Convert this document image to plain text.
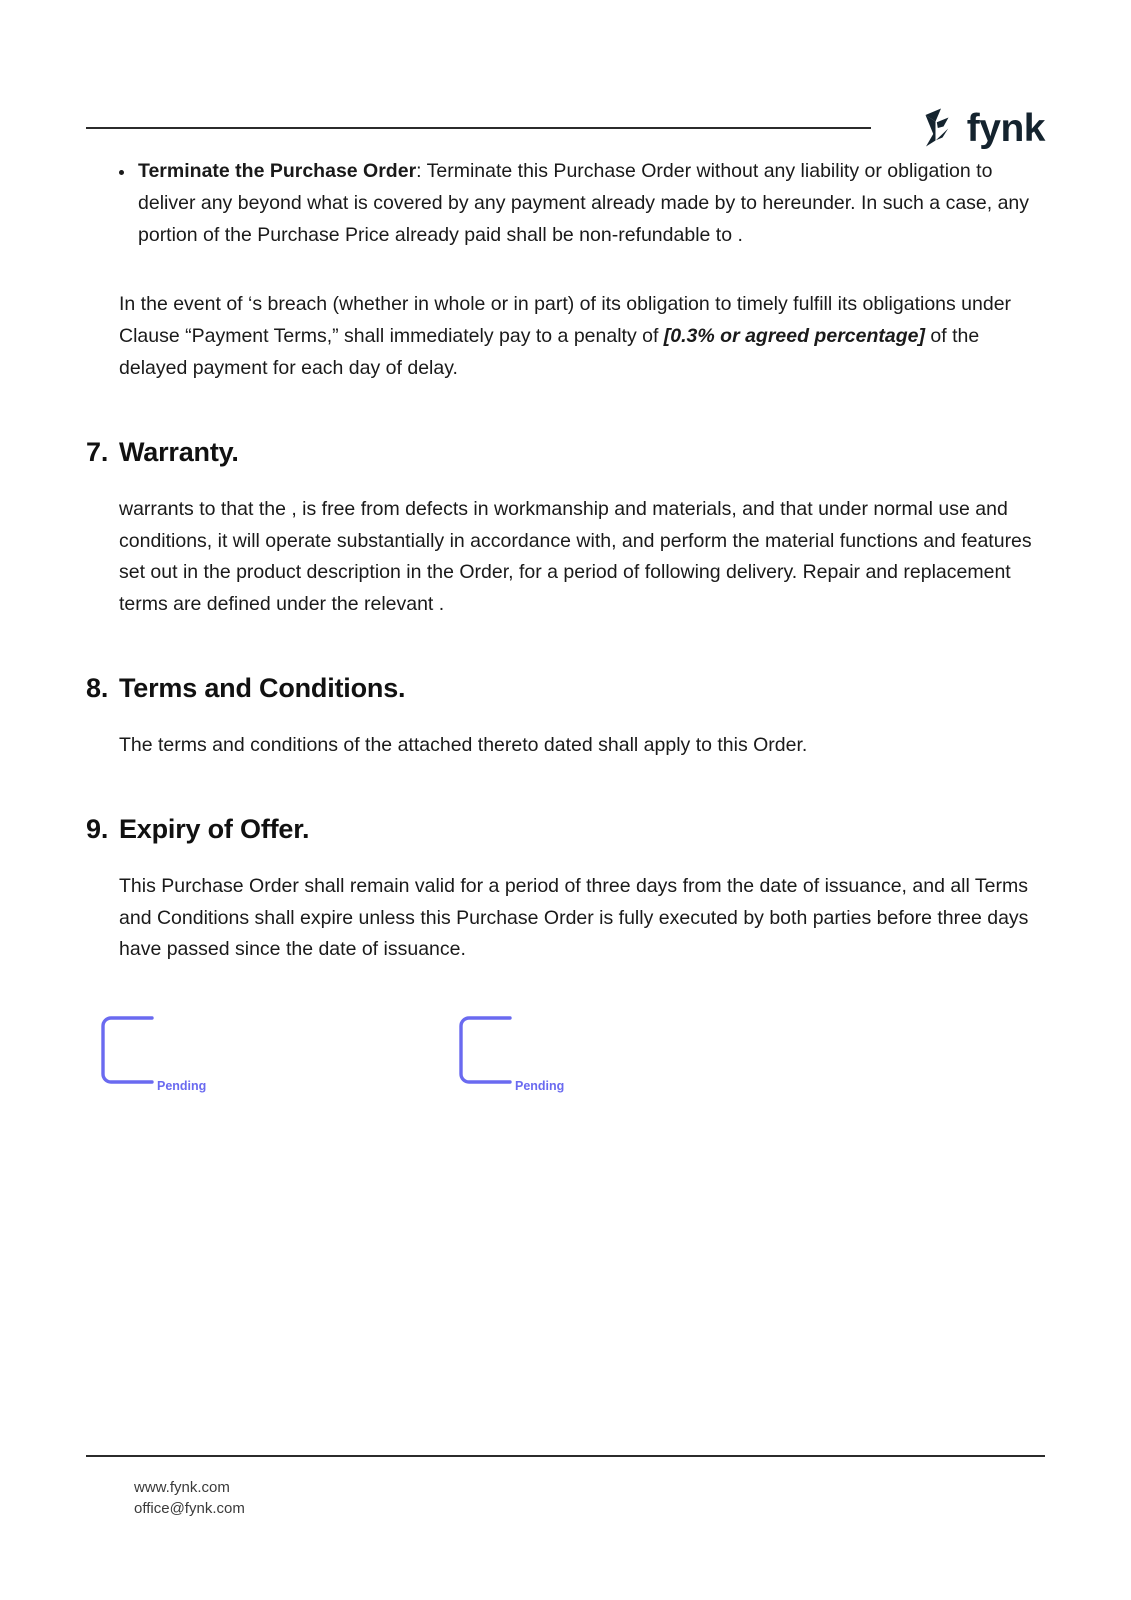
fynk
Terminate the Purchase Order: Terminate this Purchase Order without any liability or obligation to deliver any beyond what is covered by any payment already made by to hereunder. In such a case, any portion of the Purchase Price already paid shall be non-refundable to .

In the event of ‘s breach (whether in whole or in part) of its obligation to timely fulfill its obligations under Clause “Payment Terms,” shall immediately pay to a penalty of [0.3% or agreed percentage] of the delayed payment for each day of delay.

7. Warranty.

warrants to that the , is free from defects in workmanship and materials, and that under normal use and conditions, it will operate substantially in accordance with, and perform the material functions and features set out in the product description in the Order, for a period of following delivery. Repair and replacement terms are defined under the relevant .

8. Terms and Conditions.

The terms and conditions of the attached thereto dated shall apply to this Order.

9. Expiry of Offer.

This Purchase Order shall remain valid for a period of three days from the date of issuance, and all Terms and Conditions shall expire unless this Purchase Order is fully executed by both parties before three days have passed since the date of issuance.

Pending	Pending
www.fynk.com
office@fynk.com
